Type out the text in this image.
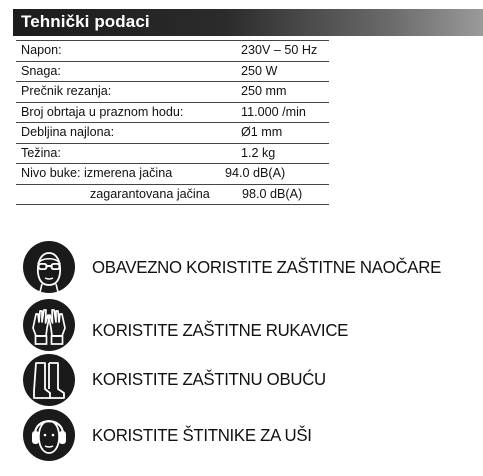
Tehnički podaci
Napon:	230V – 50 Hz
Snaga:	250 W
Prečnik rezanja:	250 mm
Broj obrtaja u praznom hodu:	11.000 /min
Debljina najlona:	Ø1 mm
Težina:	1.2 kg
Nivo buke: izmerena jačina	94.0 dB(A)
zagarantovana jačina	98.0 dB(A)
OBAVEZNO KORISTITE ZAŠTITNE NAOČARE
KORISTITE ZAŠTITNE RUKAVICE
KORISTITE ZAŠTITNU OBUĆU
KORISTITE ŠTITNIKE ZA UŠI
